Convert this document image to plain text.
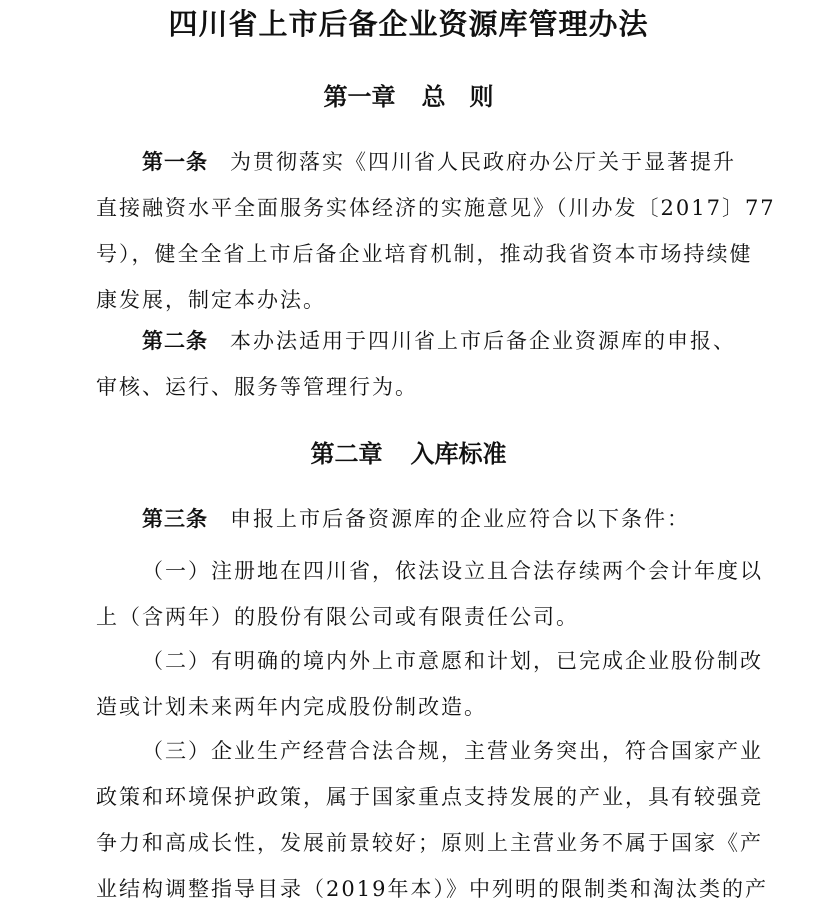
四川省上市后备企业资源库管理办法
第一章 总　则
第一条 为贯彻落实《四川省人民政府办公厅关于显著提升
直接融资水平全面服务实体经济的实施意见》（川办发〔2017〕77
号），健全全省上市后备企业培育机制，推动我省资本市场持续健
康发展，制定本办法。
第二条 本办法适用于四川省上市后备企业资源库的申报、
审核、运行、服务等管理行为。
第二章 入库标准
第三条 申报上市后备资源库的企业应符合以下条件：
（一）注册地在四川省，依法设立且合法存续两个会计年度以
上（含两年）的股份有限公司或有限责任公司。
（二）有明确的境内外上市意愿和计划，已完成企业股份制改
造或计划未来两年内完成股份制改造。
（三）企业生产经营合法合规，主营业务突出，符合国家产业
政策和环境保护政策，属于国家重点支持发展的产业，具有较强竞
争力和高成长性，发展前景较好；原则上主营业务不属于国家《产
业结构调整指导目录（2019年本）》中列明的限制类和淘汰类的产
